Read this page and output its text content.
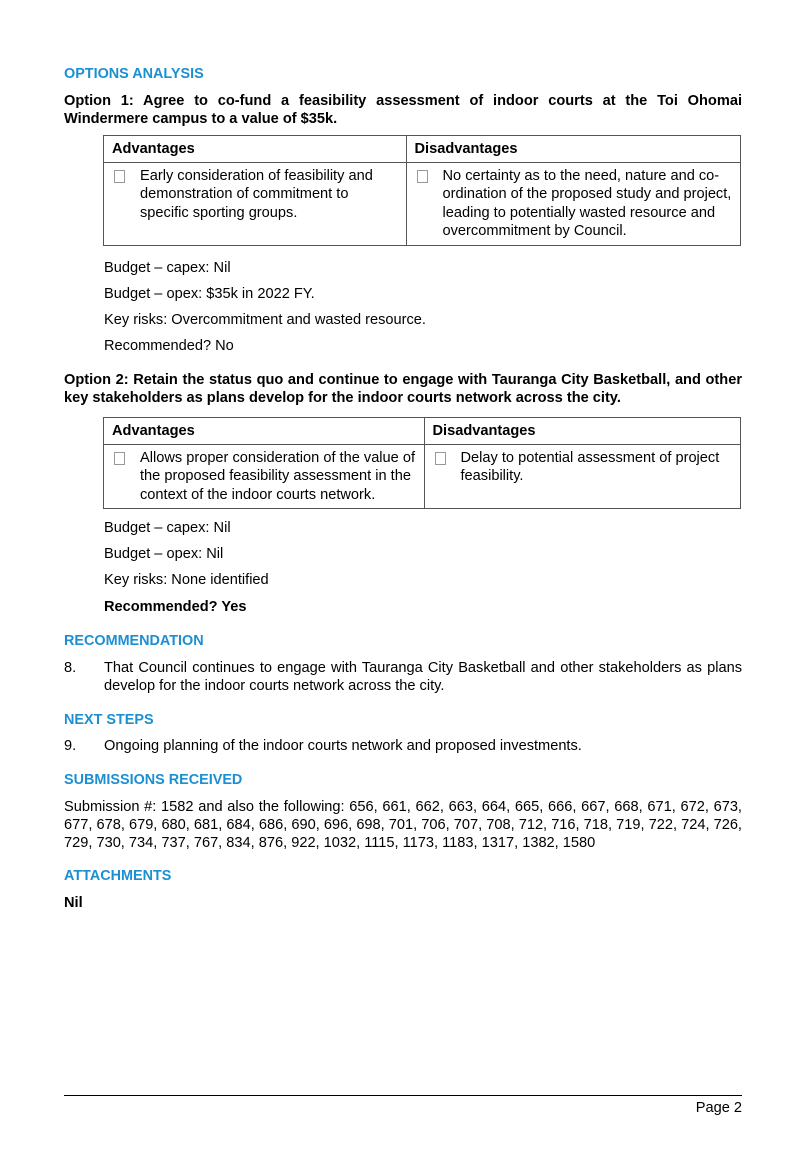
OPTIONS ANALYSIS
Option 1: Agree to co-fund a feasibility assessment of indoor courts at the Toi Ohomai Windermere campus to a value of $35k.
Advantages	Disadvantages

Early consideration of feasibility and demonstration of commitment to specific sporting groups.	No certainty as to the need, nature and co-ordination of the proposed study and project, leading to potentially wasted resource and overcommitment by Council.
Budget – capex: Nil
Budget – opex: $35k in 2022 FY.
Key risks: Overcommitment and wasted resource.
Recommended? No
Option 2: Retain the status quo and continue to engage with Tauranga City Basketball, and other key stakeholders as plans develop for the indoor courts network across the city.
Advantages	Disadvantages

Allows proper consideration of the value of the proposed feasibility assessment in the context of the indoor courts network.	Delay to potential assessment of project feasibility.
Budget – capex: Nil
Budget – opex: Nil
Key risks: None identified
Recommended? Yes
RECOMMENDATION
8. That Council continues to engage with Tauranga City Basketball and other stakeholders as plans develop for the indoor courts network across the city.
NEXT STEPS
9. Ongoing planning of the indoor courts network and proposed investments.
SUBMISSIONS RECEIVED
Submission #: 1582 and also the following: 656, 661, 662, 663, 664, 665, 666, 667, 668, 671, 672, 673, 677, 678, 679, 680, 681, 684, 686, 690, 696, 698, 701, 706, 707, 708, 712, 716, 718, 719, 722, 724, 726, 729, 730, 734, 737, 767, 834, 876, 922, 1032, 1115, 1173, 1183, 1317, 1382, 1580
ATTACHMENTS
Nil
Page 2
